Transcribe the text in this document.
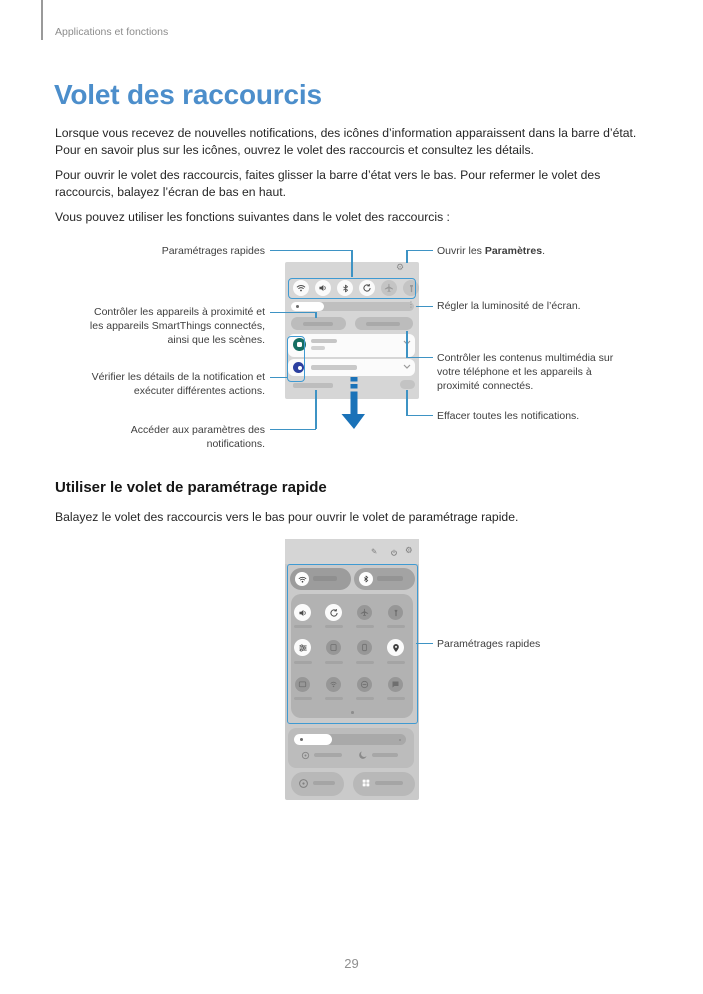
Applications et fonctions
Volet des raccourcis
Lorsque vous recevez de nouvelles notifications, des icônes d’information apparaissent dans la barre d’état.
Pour en savoir plus sur les icônes, ouvrez le volet des raccourcis et consultez les détails.
Pour ouvrir le volet des raccourcis, faites glisser la barre d’état vers le bas. Pour refermer le volet des
raccourcis, balayez l’écran de bas en haut.
Vous pouvez utiliser les fonctions suivantes dans le volet des raccourcis :
⚙
⋮
Paramétrages rapides
Contrôler les appareils à proximité et
les appareils SmartThings connectés,
ainsi que les scènes.
Vérifier les détails de la notification et
exécuter différentes actions.
Accéder aux paramètres des
notifications.
Ouvrir les Paramètres.
Régler la luminosité de l’écran.
Contrôler les contenus multimédia sur
votre téléphone et les appareils à
proximité connectés.
Effacer toutes les notifications.
Utiliser le volet de paramétrage rapide
Balayez le volet des raccourcis vers le bas pour ouvrir le volet de paramétrage rapide.
✎	⚙
Paramétrages rapides
29
